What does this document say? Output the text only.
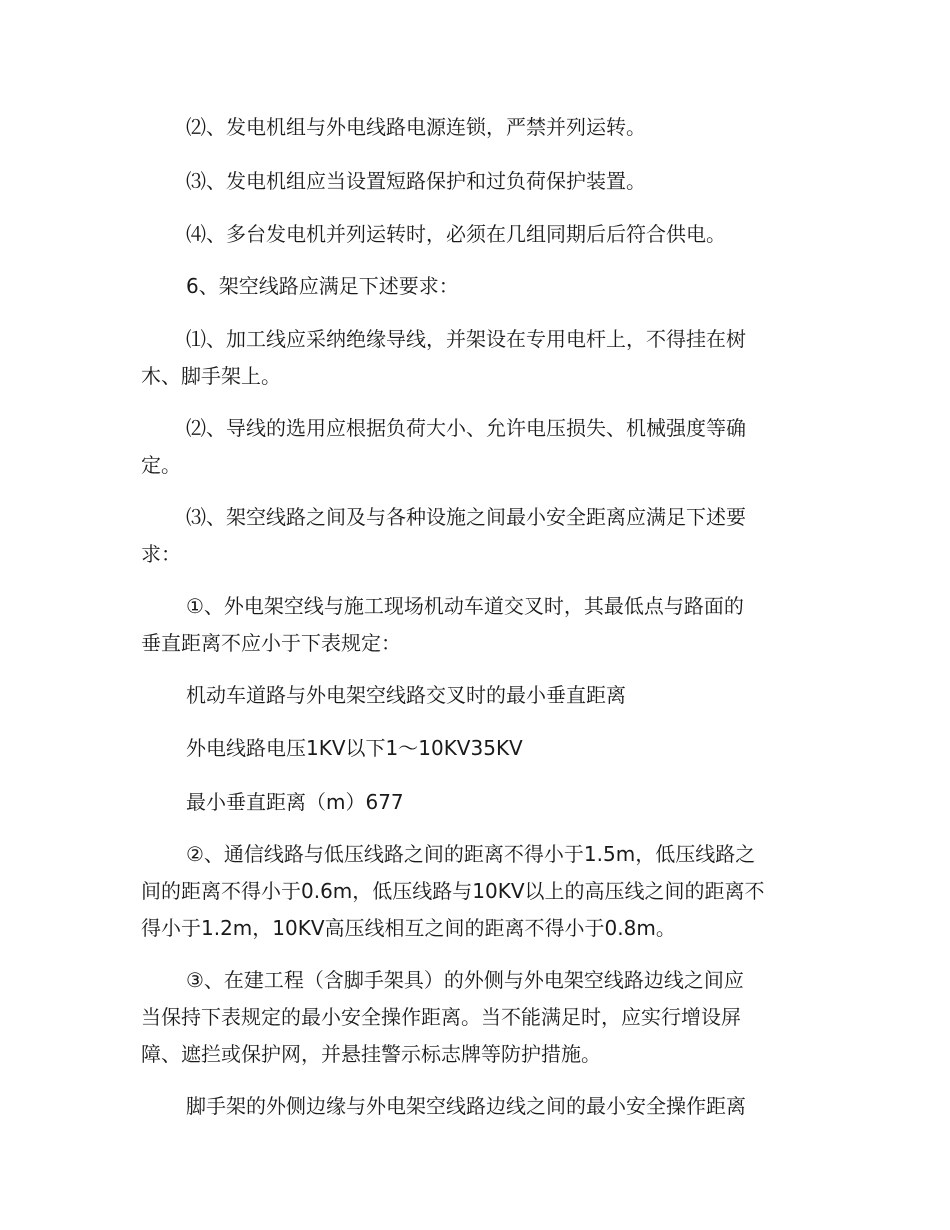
⑵、发电机组与外电线路电源连锁，严禁并列运转。
⑶、发电机组应当设置短路保护和过负荷保护装置。
⑷、多台发电机并列运转时，必须在几组同期后后符合供电。
6、架空线路应满足下述要求：
⑴、加工线应采纳绝缘导线，并架设在专用电杆上，不得挂在树
木、脚手架上。
⑵、导线的选用应根据负荷大小、允许电压损失、机械强度等确
定。
⑶、架空线路之间及与各种设施之间最小安全距离应满足下述要
求：
①、外电架空线与施工现场机动车道交叉时，其最低点与路面的
垂直距离不应小于下表规定：
机动车道路与外电架空线路交叉时的最小垂直距离
外电线路电压1KV以下1～10KV35KV
最小垂直距离（m）677
②、通信线路与低压线路之间的距离不得小于1.5m，低压线路之
间的距离不得小于0.6m，低压线路与10KV以上的高压线之间的距离不
得小于1.2m，10KV高压线相互之间的距离不得小于0.8m。
③、在建工程（含脚手架具）的外侧与外电架空线路边线之间应
当保持下表规定的最小安全操作距离。当不能满足时，应实行增设屏
障、遮拦或保护网，并悬挂警示标志牌等防护措施。
脚手架的外侧边缘与外电架空线路边线之间的最小安全操作距离
